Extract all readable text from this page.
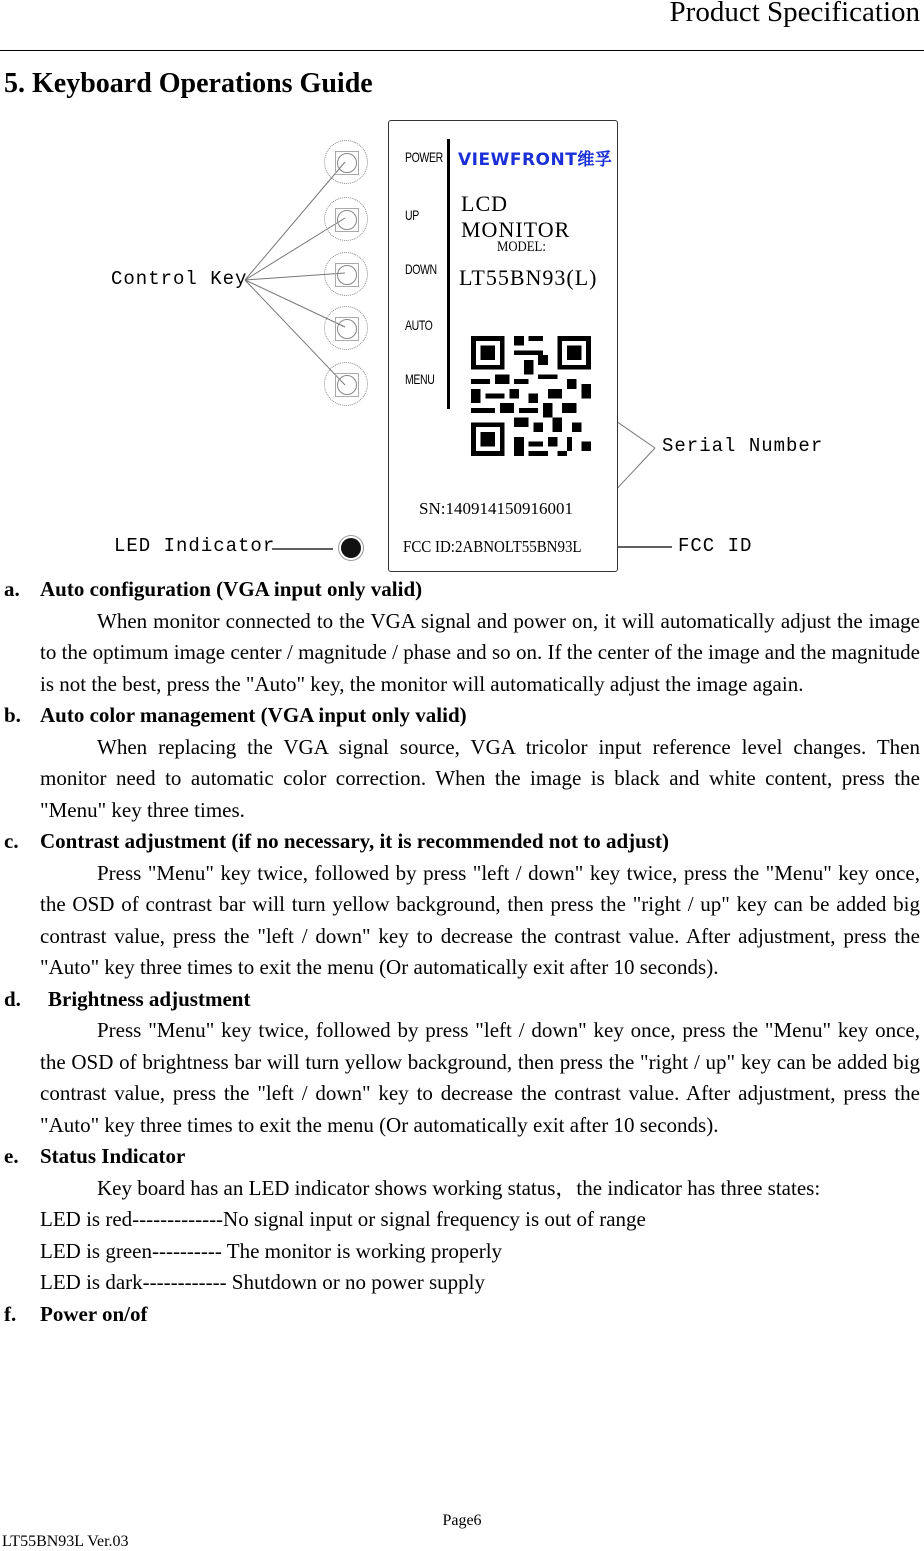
Product Specification
5. Keyboard Operations Guide
Control Key
Serial Number
LED Indicator	FCC ID
POWER
UP
DOWN
AUTO
MENU
VIEWFRONT维孚
LCD MONITOR
MODEL:
LT55BN93(L)
SN:140914150916001
FCC ID:2ABNOLT55BN93L
a. Auto configuration (VGA input only valid)
When monitor connected to the VGA signal and power on, it will automatically adjust the image to the optimum image center / magnitude / phase and so on. If the center of the image and the magnitude is not the best, press the "Auto" key, the monitor will automatically adjust the image again.
b. Auto color management (VGA input only valid)
When replacing the VGA signal source, VGA tricolor input reference level changes. Then monitor need to automatic color correction. When the image is black and white content, press the "Menu" key three times.
c. Contrast adjustment (if no necessary, it is recommended not to adjust)
Press "Menu" key twice, followed by press "left / down" key twice, press the "Menu" key once, the OSD of contrast bar will turn yellow background, then press the "right / up" key can be added big contrast value, press the "left / down" key to decrease the contrast value. After adjustment, press the "Auto" key three times to exit the menu (Or automatically exit after 10 seconds).
d. Brightness adjustment
Press "Menu" key twice, followed by press "left / down" key once, press the "Menu" key once, the OSD of brightness bar will turn yellow background, then press the "right / up" key can be added big contrast value, press the "left / down" key to decrease the contrast value. After adjustment, press the "Auto" key three times to exit the menu (Or automatically exit after 10 seconds).
e. Status Indicator
Key board has an LED indicator shows working status，the indicator has three states:
LED is red-------------No signal input or signal frequency is out of range
LED is green---------- The monitor is working properly
LED is dark------------ Shutdown or no power supply
f. Power on/of
Page6
LT55BN93L Ver.03
